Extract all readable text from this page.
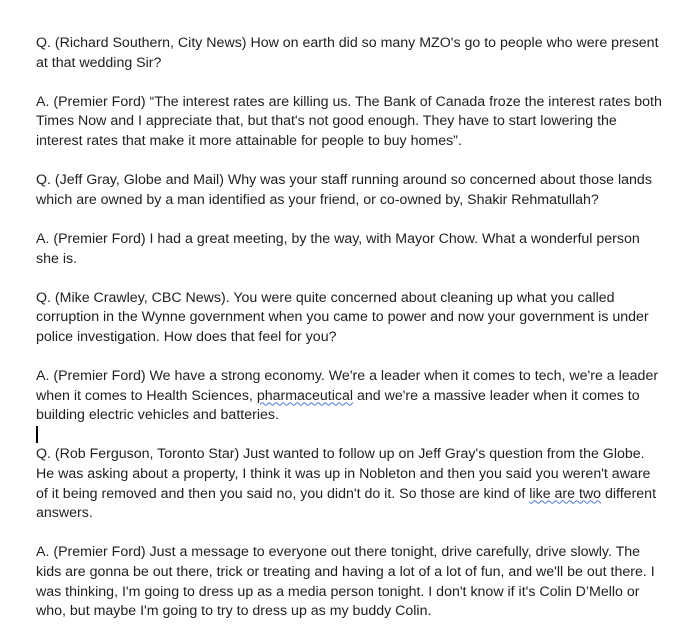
Q. (Richard Southern, City News) How on earth did so many MZO's go to people who were present at that wedding Sir?

A. (Premier Ford) “The interest rates are killing us. The Bank of Canada froze the interest rates both Times Now and I appreciate that, but that's not good enough. They have to start lowering the interest rates that make it more attainable for people to buy homes”.

Q. (Jeff Gray, Globe and Mail) Why was your staff running around so concerned about those lands which are owned by a man identified as your friend, or co-owned by, Shakir Rehmatullah?

A. (Premier Ford) I had a great meeting, by the way, with Mayor Chow. What a wonderful person she is.

Q. (Mike Crawley, CBC News). You were quite concerned about cleaning up what you called corruption in the Wynne government when you came to power and now your government is under police investigation. How does that feel for you?

A. (Premier Ford) We have a strong economy. We're a leader when it comes to tech, we're a leader when it comes to Health Sciences, pharmaceutical and we're a massive leader when it comes to building electric vehicles and batteries.

Q. (Rob Ferguson, Toronto Star) Just wanted to follow up on Jeff Gray's question from the Globe. He was asking about a property, I think it was up in Nobleton and then you said you weren't aware of it being removed and then you said no, you didn't do it. So those are kind of like are two different answers.

A. (Premier Ford) Just a message to everyone out there tonight, drive carefully, drive slowly. The kids are gonna be out there, trick or treating and having a lot of a lot of fun, and we'll be out there. I was thinking, I'm going to dress up as a media person tonight. I don't know if it's Colin D’Mello or who, but maybe I'm going to try to dress up as my buddy Colin.
